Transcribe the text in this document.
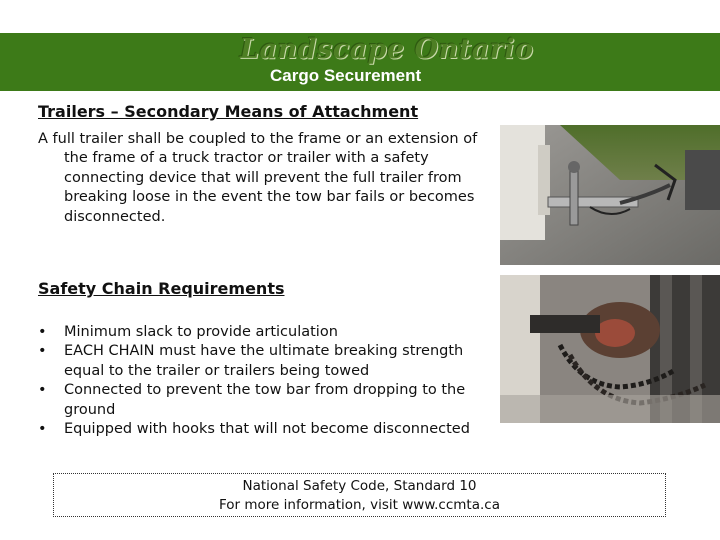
Landscape Ontario
Cargo Securement
Trailers – Secondary Means of Attachment
A full trailer shall be coupled to the frame or an extension of the frame of a truck tractor or trailer with a safety connecting device that will prevent the full trailer from breaking loose in the event the tow bar fails or becomes disconnected.
Safety Chain Requirements
• Minimum slack to provide articulation
• EACH CHAIN must have the ultimate breaking strength equal to the trailer or trailers being towed
• Connected to prevent the tow bar from dropping to the ground
• Equipped with hooks that will not become disconnected
National Safety Code, Standard 10
For more information, visit www.ccmta.ca
